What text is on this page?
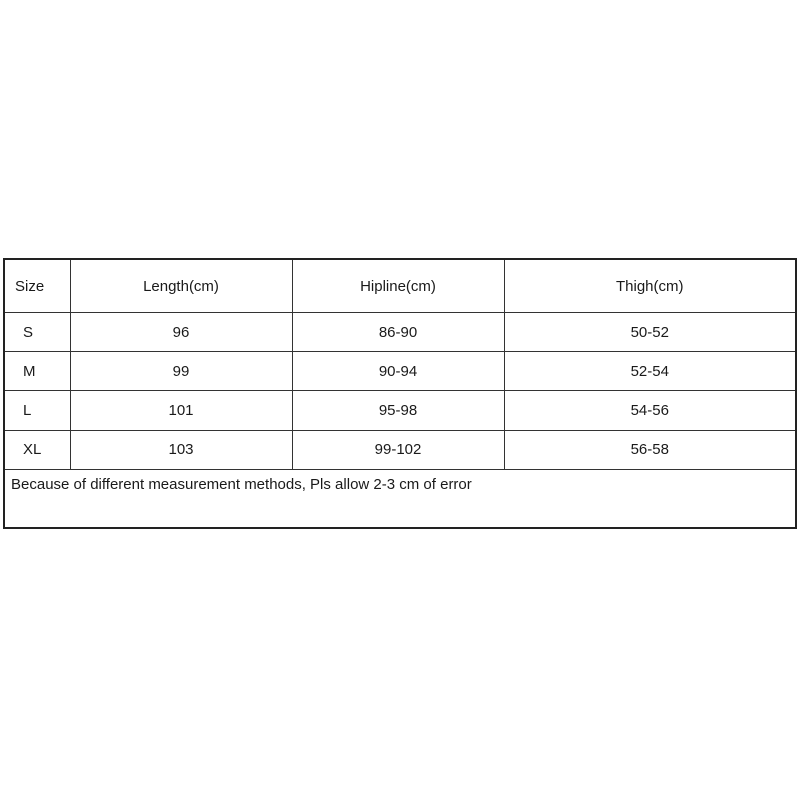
Size	Length(cm)	Hipline(cm)	Thigh(cm)
S	96	86-90	50-52
M	99	90-94	52-54
L	101	95-98	54-56
XL	103	99-102	56-58
Because of different measurement methods, Pls allow 2-3 cm of error			
